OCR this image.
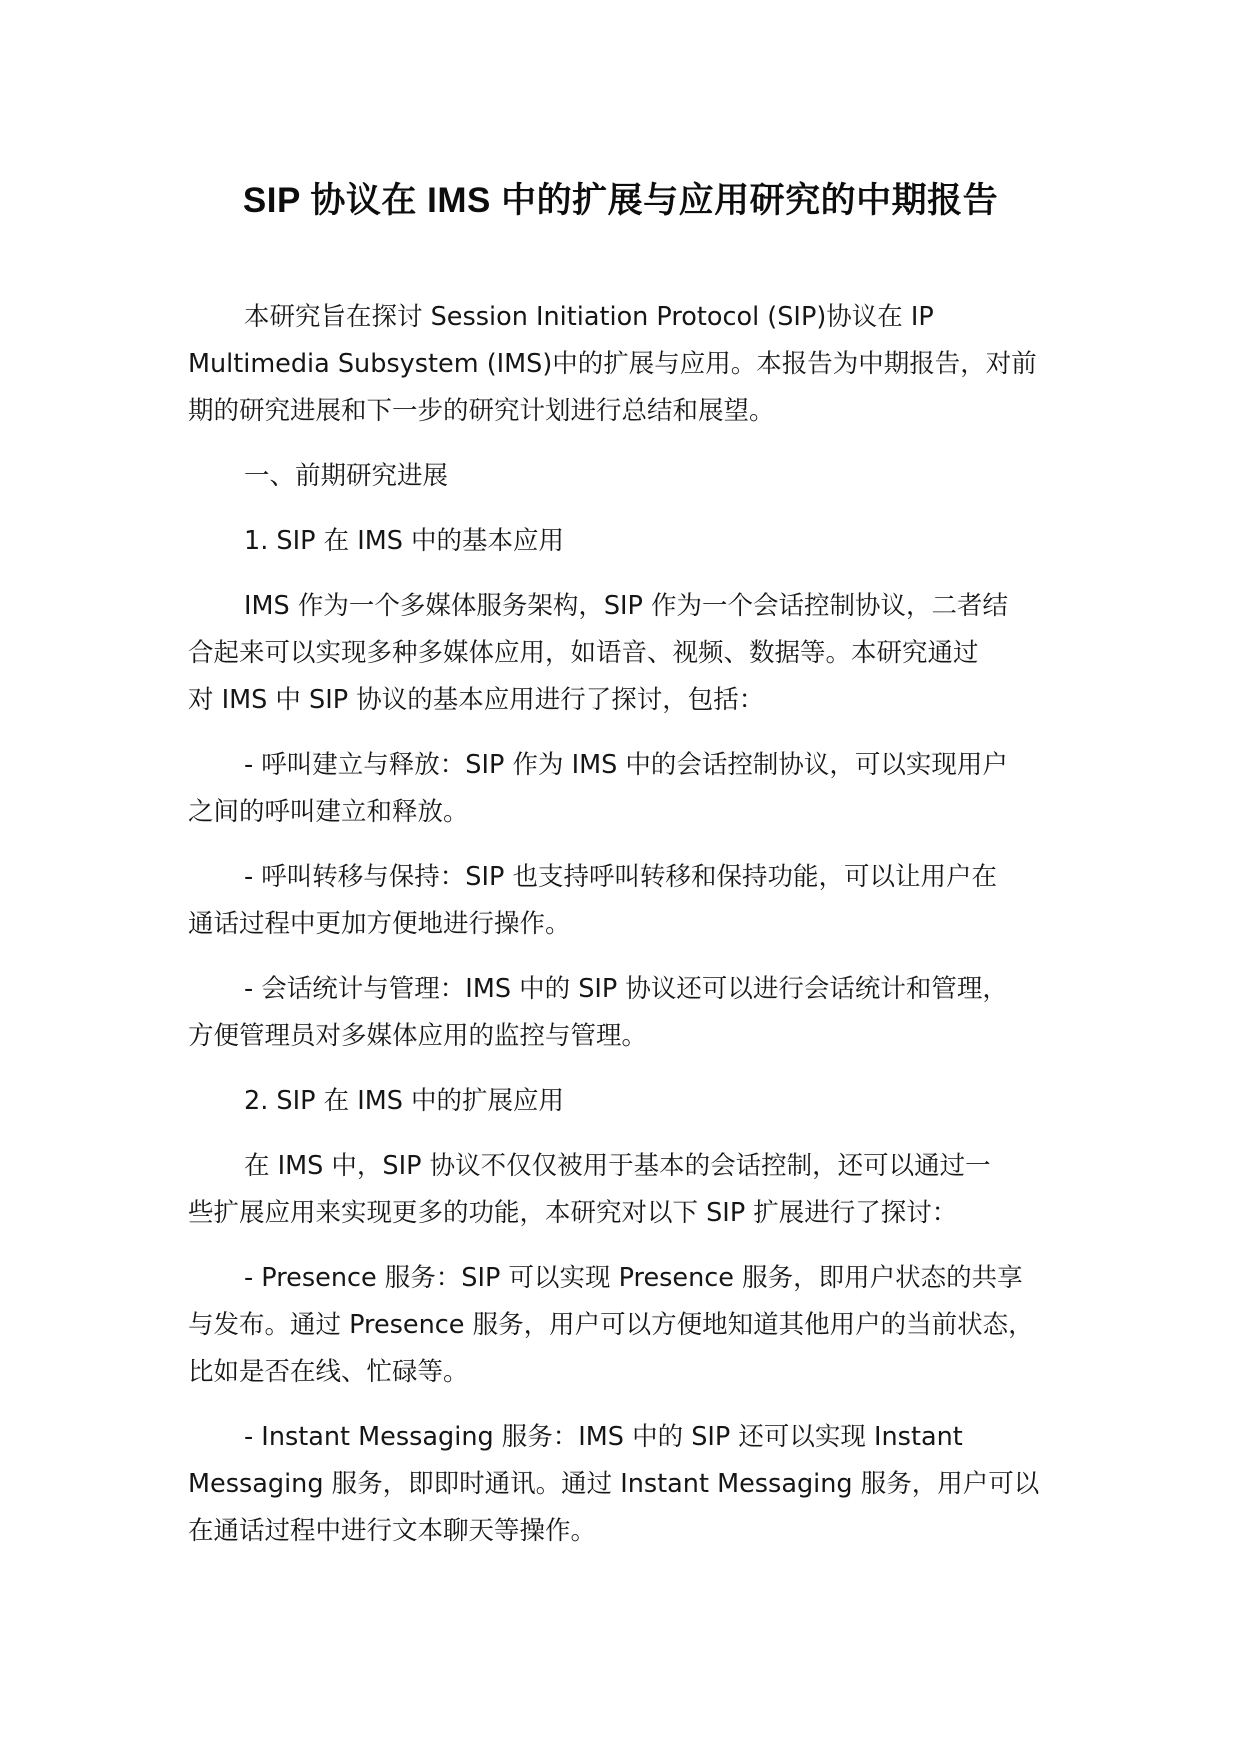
SIP 协议在 IMS 中的扩展与应用研究的中期报告

本研究旨在探讨 Session Initiation Protocol (SIP)协议在 IP
Multimedia Subsystem (IMS)中的扩展与应用。本报告为中期报告，对前
期的研究进展和下一步的研究计划进行总结和展望。

一、前期研究进展

1. SIP 在 IMS 中的基本应用

IMS 作为一个多媒体服务架构，SIP 作为一个会话控制协议，二者结
合起来可以实现多种多媒体应用，如语音、视频、数据等。本研究通过
对 IMS 中 SIP 协议的基本应用进行了探讨，包括：

- 呼叫建立与释放：SIP 作为 IMS 中的会话控制协议，可以实现用户
之间的呼叫建立和释放。

- 呼叫转移与保持：SIP 也支持呼叫转移和保持功能，可以让用户在
通话过程中更加方便地进行操作。

- 会话统计与管理：IMS 中的 SIP 协议还可以进行会话统计和管理，
方便管理员对多媒体应用的监控与管理。

2. SIP 在 IMS 中的扩展应用

在 IMS 中，SIP 协议不仅仅被用于基本的会话控制，还可以通过一
些扩展应用来实现更多的功能，本研究对以下 SIP 扩展进行了探讨：

- Presence 服务：SIP 可以实现 Presence 服务，即用户状态的共享
与发布。通过 Presence 服务，用户可以方便地知道其他用户的当前状态，
比如是否在线、忙碌等。

- Instant Messaging 服务：IMS 中的 SIP 还可以实现 Instant
Messaging 服务，即即时通讯。通过 Instant Messaging 服务，用户可以
在通话过程中进行文本聊天等操作。
